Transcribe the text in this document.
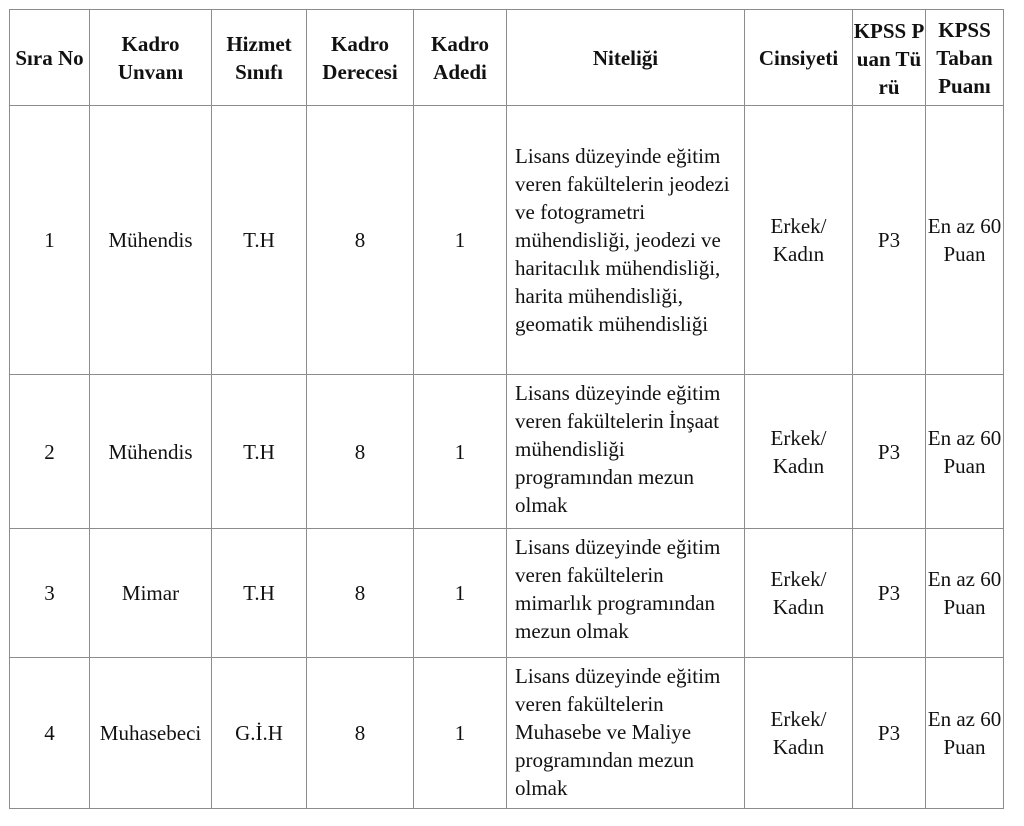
Sıra No	Kadro Unvanı	Hizmet Sınıfı	Kadro Derecesi	Kadro Adedi	Niteliği	Cinsiyeti	KPSS Puan Türü	KPSS Taban Puanı

1	Mühendis	T.H	8	1	Lisans düzeyinde eğitim veren fakültelerin jeodezi ve fotogrametri mühendisliği, jeodezi ve haritacılık mühendisliği, harita mühendisliği, geomatik mühendisliği	Erkek/ Kadın	P3	En az 60 Puan

2	Mühendis	T.H	8	1	Lisans düzeyinde eğitim veren fakültelerin İnşaat mühendisliği programından mezun olmak	Erkek/ Kadın	P3	En az 60 Puan

3	Mimar	T.H	8	1	Lisans düzeyinde eğitim veren fakültelerin mimarlık programından mezun olmak	Erkek/ Kadın	P3	En az 60 Puan

4	Muhasebeci	G.İ.H	8	1	Lisans düzeyinde eğitim veren fakültelerin Muhasebe ve Maliye programından mezun olmak	Erkek/ Kadın	P3	En az 60 Puan
